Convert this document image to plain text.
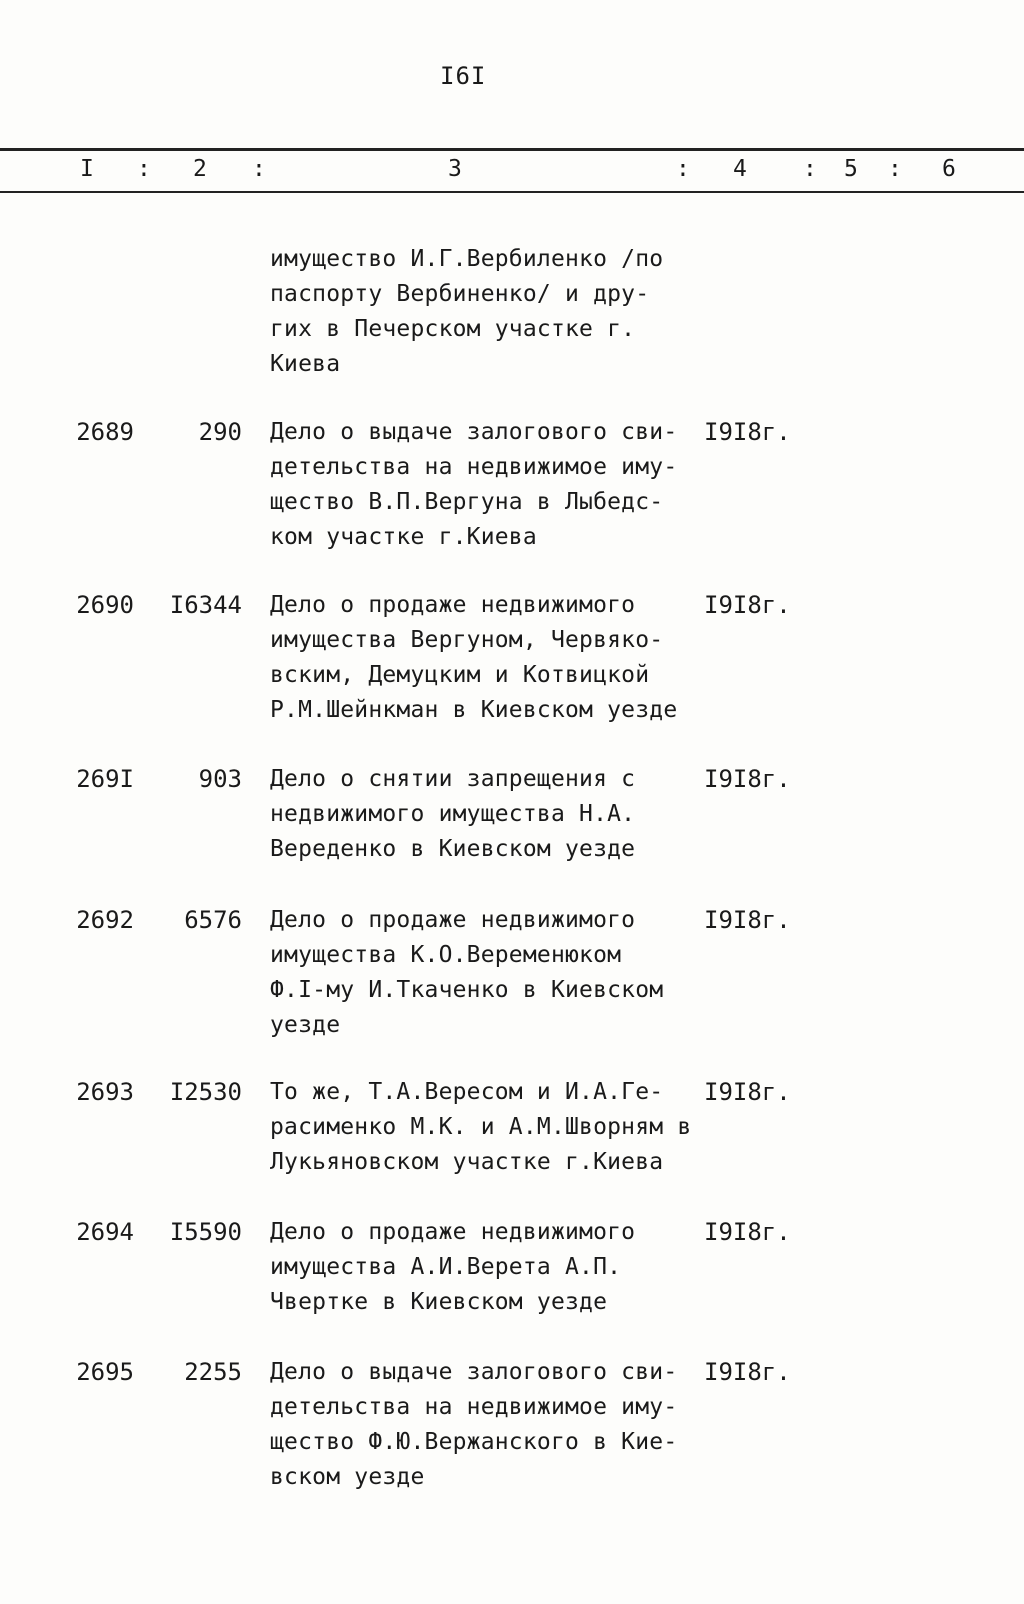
I6I
I : 2 :	3	: 4 : 5 : 6
имущество И.Г.Вербиленко /по
паспорту Вербиненко/ и дру-
гих в Печерском участке г.
Киева
2689	290 Дело о выдаче залогового сви-
детельства на недвижимое иму-
щество В.П.Вергуна в Лыбедс-
ком участке г.Киева
I9I8г.
2690	I6344 Дело о продаже недвижимого
имущества Вергуном, Червяко-
вским, Демуцким и Котвицкой
Р.М.Шейнкман в Киевском уезде
I9I8г.
269I	903 Дело о снятии запрещения с
недвижимого имущества Н.А.
Вереденко в Киевском уезде
I9I8г.
2692	6576 Дело о продаже недвижимого
имущества К.О.Веременюком
Ф.I-му И.Ткаченко в Киевском
уезде
I9I8г.
2693	I2530 То же, Т.А.Вересом и И.А.Ге-
расименко М.К. и А.М.Шворням в
Лукьяновском участке г.Киева
I9I8г.
2694	I5590 Дело о продаже недвижимого
имущества А.И.Верета А.П.
Чвертке в Киевском уезде
I9I8г.
2695	2255 Дело о выдаче залогового сви-
детельства на недвижимое иму-
щество Ф.Ю.Вержанского в Кие-
вском уезде
I9I8г.
